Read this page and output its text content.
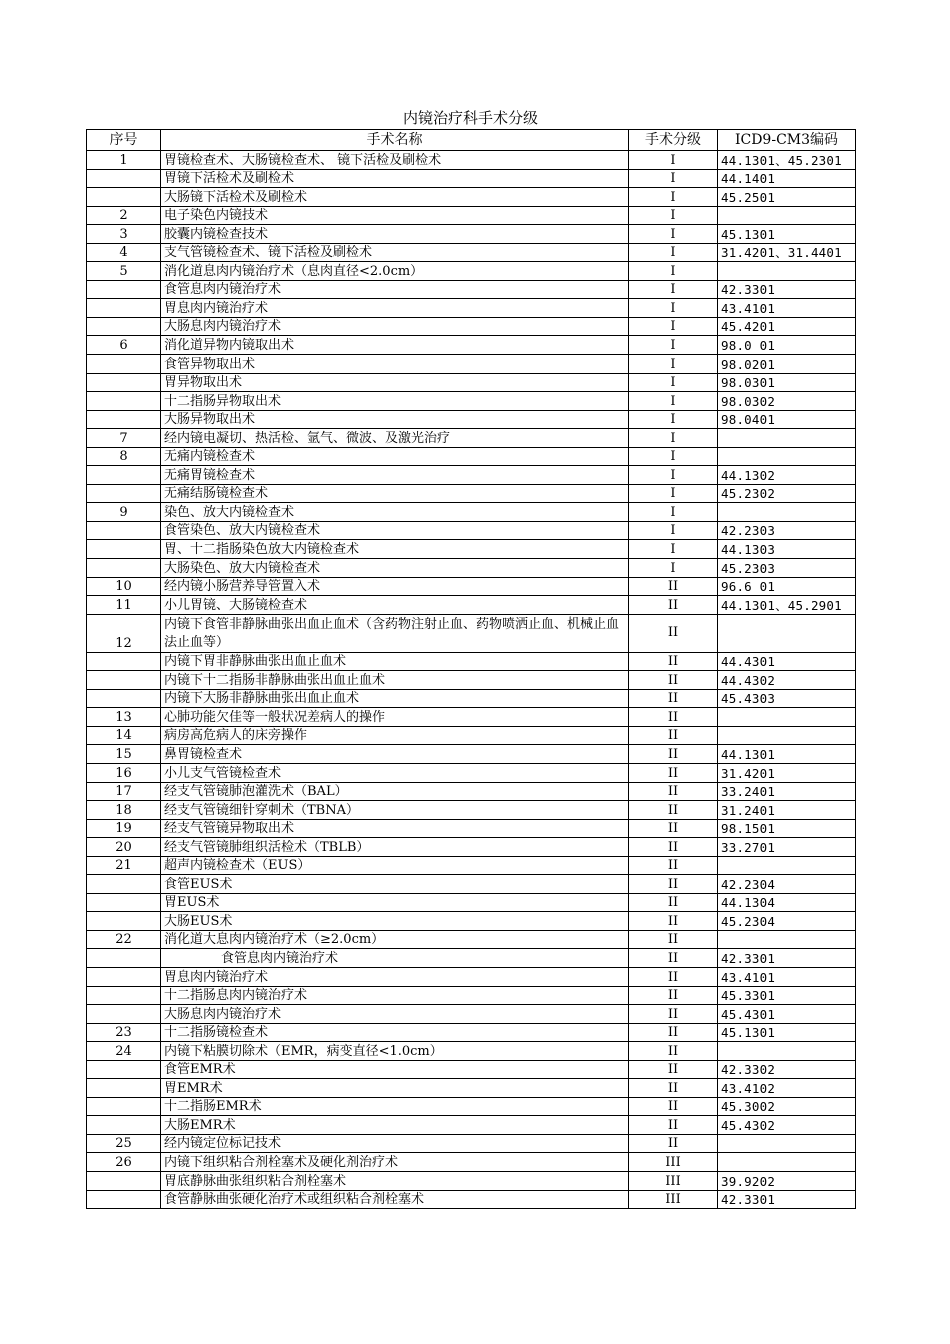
内镜治疗科手术分级
序号	手术名称	手术分级	ICD9-CM3编码
1	胃镜检查术、大肠镜检查术、 镜下活检及刷检术	I	44.1301、45.2301
	胃镜下活检术及刷检术	I	44.1401
	大肠镜下活检术及刷检术	I	45.2501
2	电子染色内镜技术	I	
3	胶囊内镜检查技术	I	45.1301
4	支气管镜检查术、镜下活检及刷检术	I	31.4201、31.4401
5	消化道息肉内镜治疗术（息肉直径<2.0cm）	I	
	食管息肉内镜治疗术	I	42.3301
	胃息肉内镜治疗术	I	43.4101
	大肠息肉内镜治疗术	I	45.4201
6	消化道异物内镜取出术	I	98.0 01
	食管异物取出术	I	98.0201
	胃异物取出术	I	98.0301
	十二指肠异物取出术	I	98.0302
	大肠异物取出术	I	98.0401
7	经内镜电凝切、热活检、氩气、微波、及激光治疗	I	
8	无痛内镜检查术	I	
	无痛胃镜检查术	I	44.1302
	无痛结肠镜检查术	I	45.2302
9	染色、放大内镜检查术	I	
	食管染色、放大内镜检查术	I	42.2303
	胃、十二指肠染色放大内镜检查术	I	44.1303
	大肠染色、放大内镜检查术	I	45.2303
10	经内镜小肠营养导管置入术	II	96.6 01
11	小儿胃镜、大肠镜检查术	II	44.1301、45.2901
12	内镜下食管非静脉曲张出血止血术（含药物注射止血、药物喷洒止血、机械止血法止血等）	II	
	内镜下胃非静脉曲张出血止血术	II	44.4301
	内镜下十二指肠非静脉曲张出血止血术	II	44.4302
	内镜下大肠非静脉曲张出血止血术	II	45.4303
13	心肺功能欠佳等一般状况差病人的操作	II	
14	病房高危病人的床旁操作	II	
15	鼻胃镜检查术	II	44.1301
16	小儿支气管镜检查术	II	31.4201
17	经支气管镜肺泡灌洗术（BAL）	II	33.2401
18	经支气管镜细针穿刺术（TBNA）	II	31.2401
19	经支气管镜异物取出术	II	98.1501
20	经支气管镜肺组织活检术（TBLB）	II	33.2701
21	超声内镜检查术（EUS）	II	
	食管EUS术	II	42.2304
	胃EUS术	II	44.1304
	大肠EUS术	II	45.2304
22	消化道大息肉内镜治疗术（≥2.0cm）	II	
	食管息肉内镜治疗术	II	42.3301
	胃息肉内镜治疗术	II	43.4101
	十二指肠息肉内镜治疗术	II	45.3301
	大肠息肉内镜治疗术	II	45.4301
23	十二指肠镜检查术	II	45.1301
24	内镜下粘膜切除术（EMR，病变直径<1.0cm）	II	
	食管EMR术	II	42.3302
	胃EMR术	II	43.4102
	十二指肠EMR术	II	45.3002
	大肠EMR术	II	45.4302
25	经内镜定位标记技术	II	
26	内镜下组织粘合剂栓塞术及硬化剂治疗术	III	
	胃底静脉曲张组织粘合剂栓塞术	III	39.9202
	食管静脉曲张硬化治疗术或组织粘合剂栓塞术	III	42.3301
